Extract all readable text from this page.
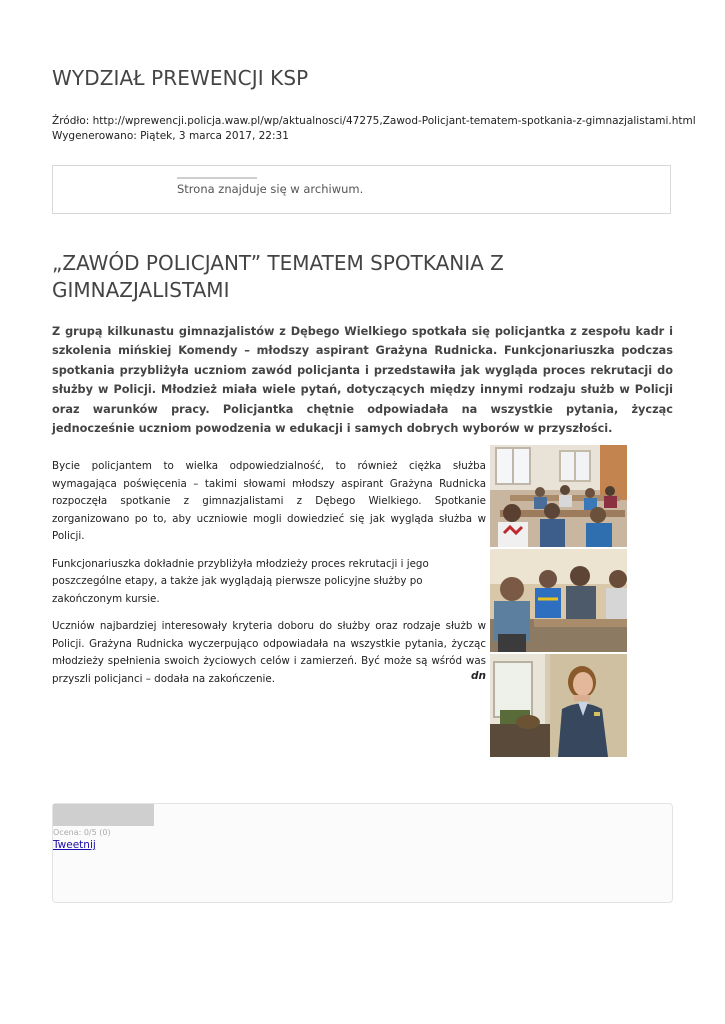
WYDZIAŁ PREWENCJI KSP
Źródło: http://wprewencji.policja.waw.pl/wp/aktualnosci/47275,Zawod-Policjant-tematem-spotkania-z-gimnazjalistami.html
Wygenerowano: Piątek, 3 marca 2017, 22:31
Strona znajduje się w archiwum.
„ZAWÓD POLICJANT” TEMATEM SPOTKANIA Z GIMNAZJALISTAMI

Z grupą kilkunastu gimnazjalistów z Dębego Wielkiego spotkała się policjantka z zespołu kadr i szkolenia mińskiej Komendy – młodszy aspirant Grażyna Rudnicka. Funkcjonariuszka podczas spotkania przybliżyła uczniom zawód policjanta i przedstawiła jak wygląda proces rekrutacji do służby w Policji. Młodzież miała wiele pytań, dotyczących między innymi rodzaju służb w Policji oraz warunków pracy. Policjantka chętnie odpowiadała na wszystkie pytania, życząc jednocześnie uczniom powodzenia w edukacji i samych dobrych wyborów w przyszłości.

Bycie policjantem to wielka odpowiedzialność, to również ciężka służba wymagająca poświęcenia – takimi słowami młodszy aspirant Grażyna Rudnicka rozpoczęła spotkanie z gimnazjalistami z Dębego Wielkiego. Spotkanie zorganizowano po to, aby uczniowie mogli dowiedzieć się jak wygląda służba w Policji.

Funkcjonariuszka dokładnie przybliżyła młodzieży proces rekrutacji i jego poszczególne etapy, a także jak wyglądają pierwsze policyjne służby po zakończonym kursie.

Uczniów najbardziej interesowały kryteria doboru do służby oraz rodzaje służb w Policji. Grażyna Rudnicka wyczerpująco odpowiadała na wszystkie pytania, życząc młodzieży spełnienia swoich życiowych celów i zamierzeń. Być może są wśród was przyszli policjanci – dodała na zakończenie.	dn
Ocena: 0/5 (0)
Tweetnij
